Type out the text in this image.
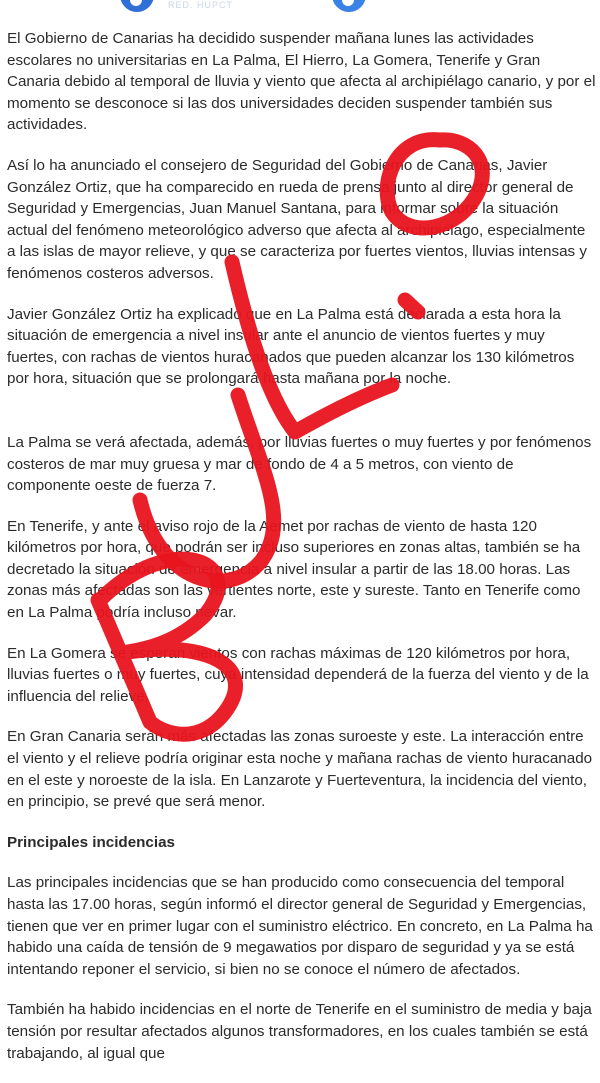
RED. HUPCT

El Gobierno de Canarias ha decidido suspender mañana lunes las actividades escolares no universitarias en La Palma, El Hierro, La Gomera, Tenerife y Gran Canaria debido al temporal de lluvia y viento que afecta al archipiélago canario, y por el momento se desconoce si las dos universidades deciden suspender también sus actividades.

Así lo ha anunciado el consejero de Seguridad del Gobierno de Canarias, Javier González Ortiz, que ha comparecido en rueda de prensa junto al director general de Seguridad y Emergencias, Juan Manuel Santana, para informar sobre la situación actual del fenómeno meteorológico adverso que afecta al archipiélago, especialmente a las islas de mayor relieve, y que se caracteriza por fuertes vientos, lluvias intensas y fenómenos costeros adversos.

Javier González Ortiz ha explicado que en La Palma está declarada a esta hora la situación de emergencia a nivel insular ante el anuncio de vientos fuertes y muy fuertes, con rachas de vientos huracanados que pueden alcanzar los 130 kilómetros por hora, situación que se prolongará hasta mañana por la noche.

La Palma se verá afectada, además, por lluvias fuertes o muy fuertes y por fenómenos costeros de mar muy gruesa y mar de fondo de 4 a 5 metros, con viento de componente oeste de fuerza 7.

En Tenerife, y ante el aviso rojo de la Aemet por rachas de viento de hasta 120 kilómetros por hora, que podrán ser incluso superiores en zonas altas, también se ha decretado la situación de emergencia a nivel insular a partir de las 18.00 horas. Las zonas más afectadas son las vertientes norte, este y sureste. Tanto en Tenerife como en La Palma podría incluso nevar.

En La Gomera se esperan vientos con rachas máximas de 120 kilómetros por hora, lluvias fuertes o muy fuertes, cuya intensidad dependerá de la fuerza del viento y de la influencia del relieve.

En Gran Canaria serán más afectadas las zonas suroeste y este. La interacción entre el viento y el relieve podría originar esta noche y mañana rachas de viento huracanado en el este y noroeste de la isla. En Lanzarote y Fuerteventura, la incidencia del viento, en principio, se prevé que será menor.

Principales incidencias

Las principales incidencias que se han producido como consecuencia del temporal hasta las 17.00 horas, según informó el director general de Seguridad y Emergencias, tienen que ver en primer lugar con el suministro eléctrico. En concreto, en La Palma ha habido una caída de tensión de 9 megawatios por disparo de seguridad y ya se está intentando reponer el servicio, si bien no se conoce el número de afectados.

También ha habido incidencias en el norte de Tenerife en el suministro de media y baja tensión por resultar afectados algunos transformadores, en los cuales también se está trabajando, al igual que
